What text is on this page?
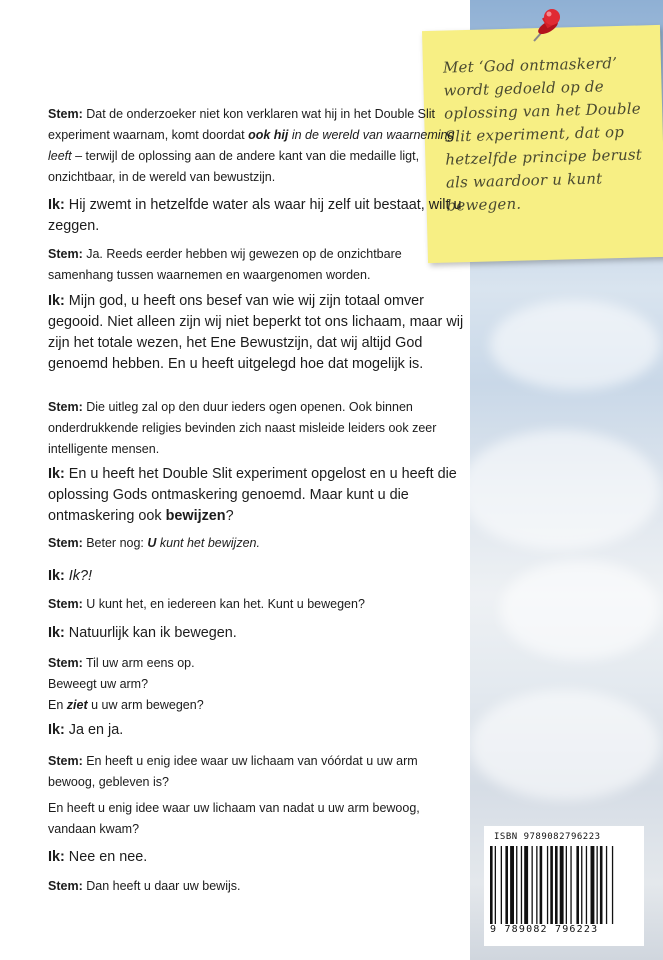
Met ‘God ontmaskerd’ wordt gedoeld op de oplossing van het Double Slit experiment, dat op hetzelfde principe berust als waardoor u kunt bewegen.

Stem: Dat de onderzoeker niet kon verklaren wat hij in het Double Slit experiment waarnam, komt doordat ook hij in de wereld van waarneming leeft – terwijl de oplossing aan de andere kant van die medaille ligt, onzichtbaar, in de wereld van bewustzijn.

Ik: Hij zwemt in hetzelfde water als waar hij zelf uit bestaat, wilt u zeggen.

Stem: Ja. Reeds eerder hebben wij gewezen op de onzichtbare samenhang tussen waarnemen en waargenomen worden.

Ik: Mijn god, u heeft ons besef van wie wij zijn totaal omver gegooid. Niet alleen zijn wij niet beperkt tot ons lichaam, maar wij zijn het totale wezen, het Ene Bewustzijn, dat wij altijd God genoemd hebben. En u heeft uitgelegd hoe dat mogelijk is.

Stem: Die uitleg zal op den duur ieders ogen openen. Ook binnen onderdrukkende religies bevinden zich naast misleide leiders ook zeer intelligente mensen.

Ik: En u heeft het Double Slit experiment opgelost en u heeft die oplossing Gods ontmaskering genoemd. Maar kunt u die ontmaskering ook bewijzen?

Stem: Beter nog: U kunt het bewijzen.

Ik: Ik?!

Stem: U kunt het, en iedereen kan het. Kunt u bewegen?

Ik: Natuurlijk kan ik bewegen.

Stem: Til uw arm eens op.
Beweegt uw arm?
En ziet u uw arm bewegen?

Ik: Ja en ja.

Stem: En heeft u enig idee waar uw lichaam van vóórdat u uw arm bewoog, gebleven is?

En heeft u enig idee waar uw lichaam van nadat u uw arm bewoog, vandaan kwam?

Ik: Nee en nee.

Stem: Dan heeft u daar uw bewijs.

ISBN 9789082796223
9 789082 796223
